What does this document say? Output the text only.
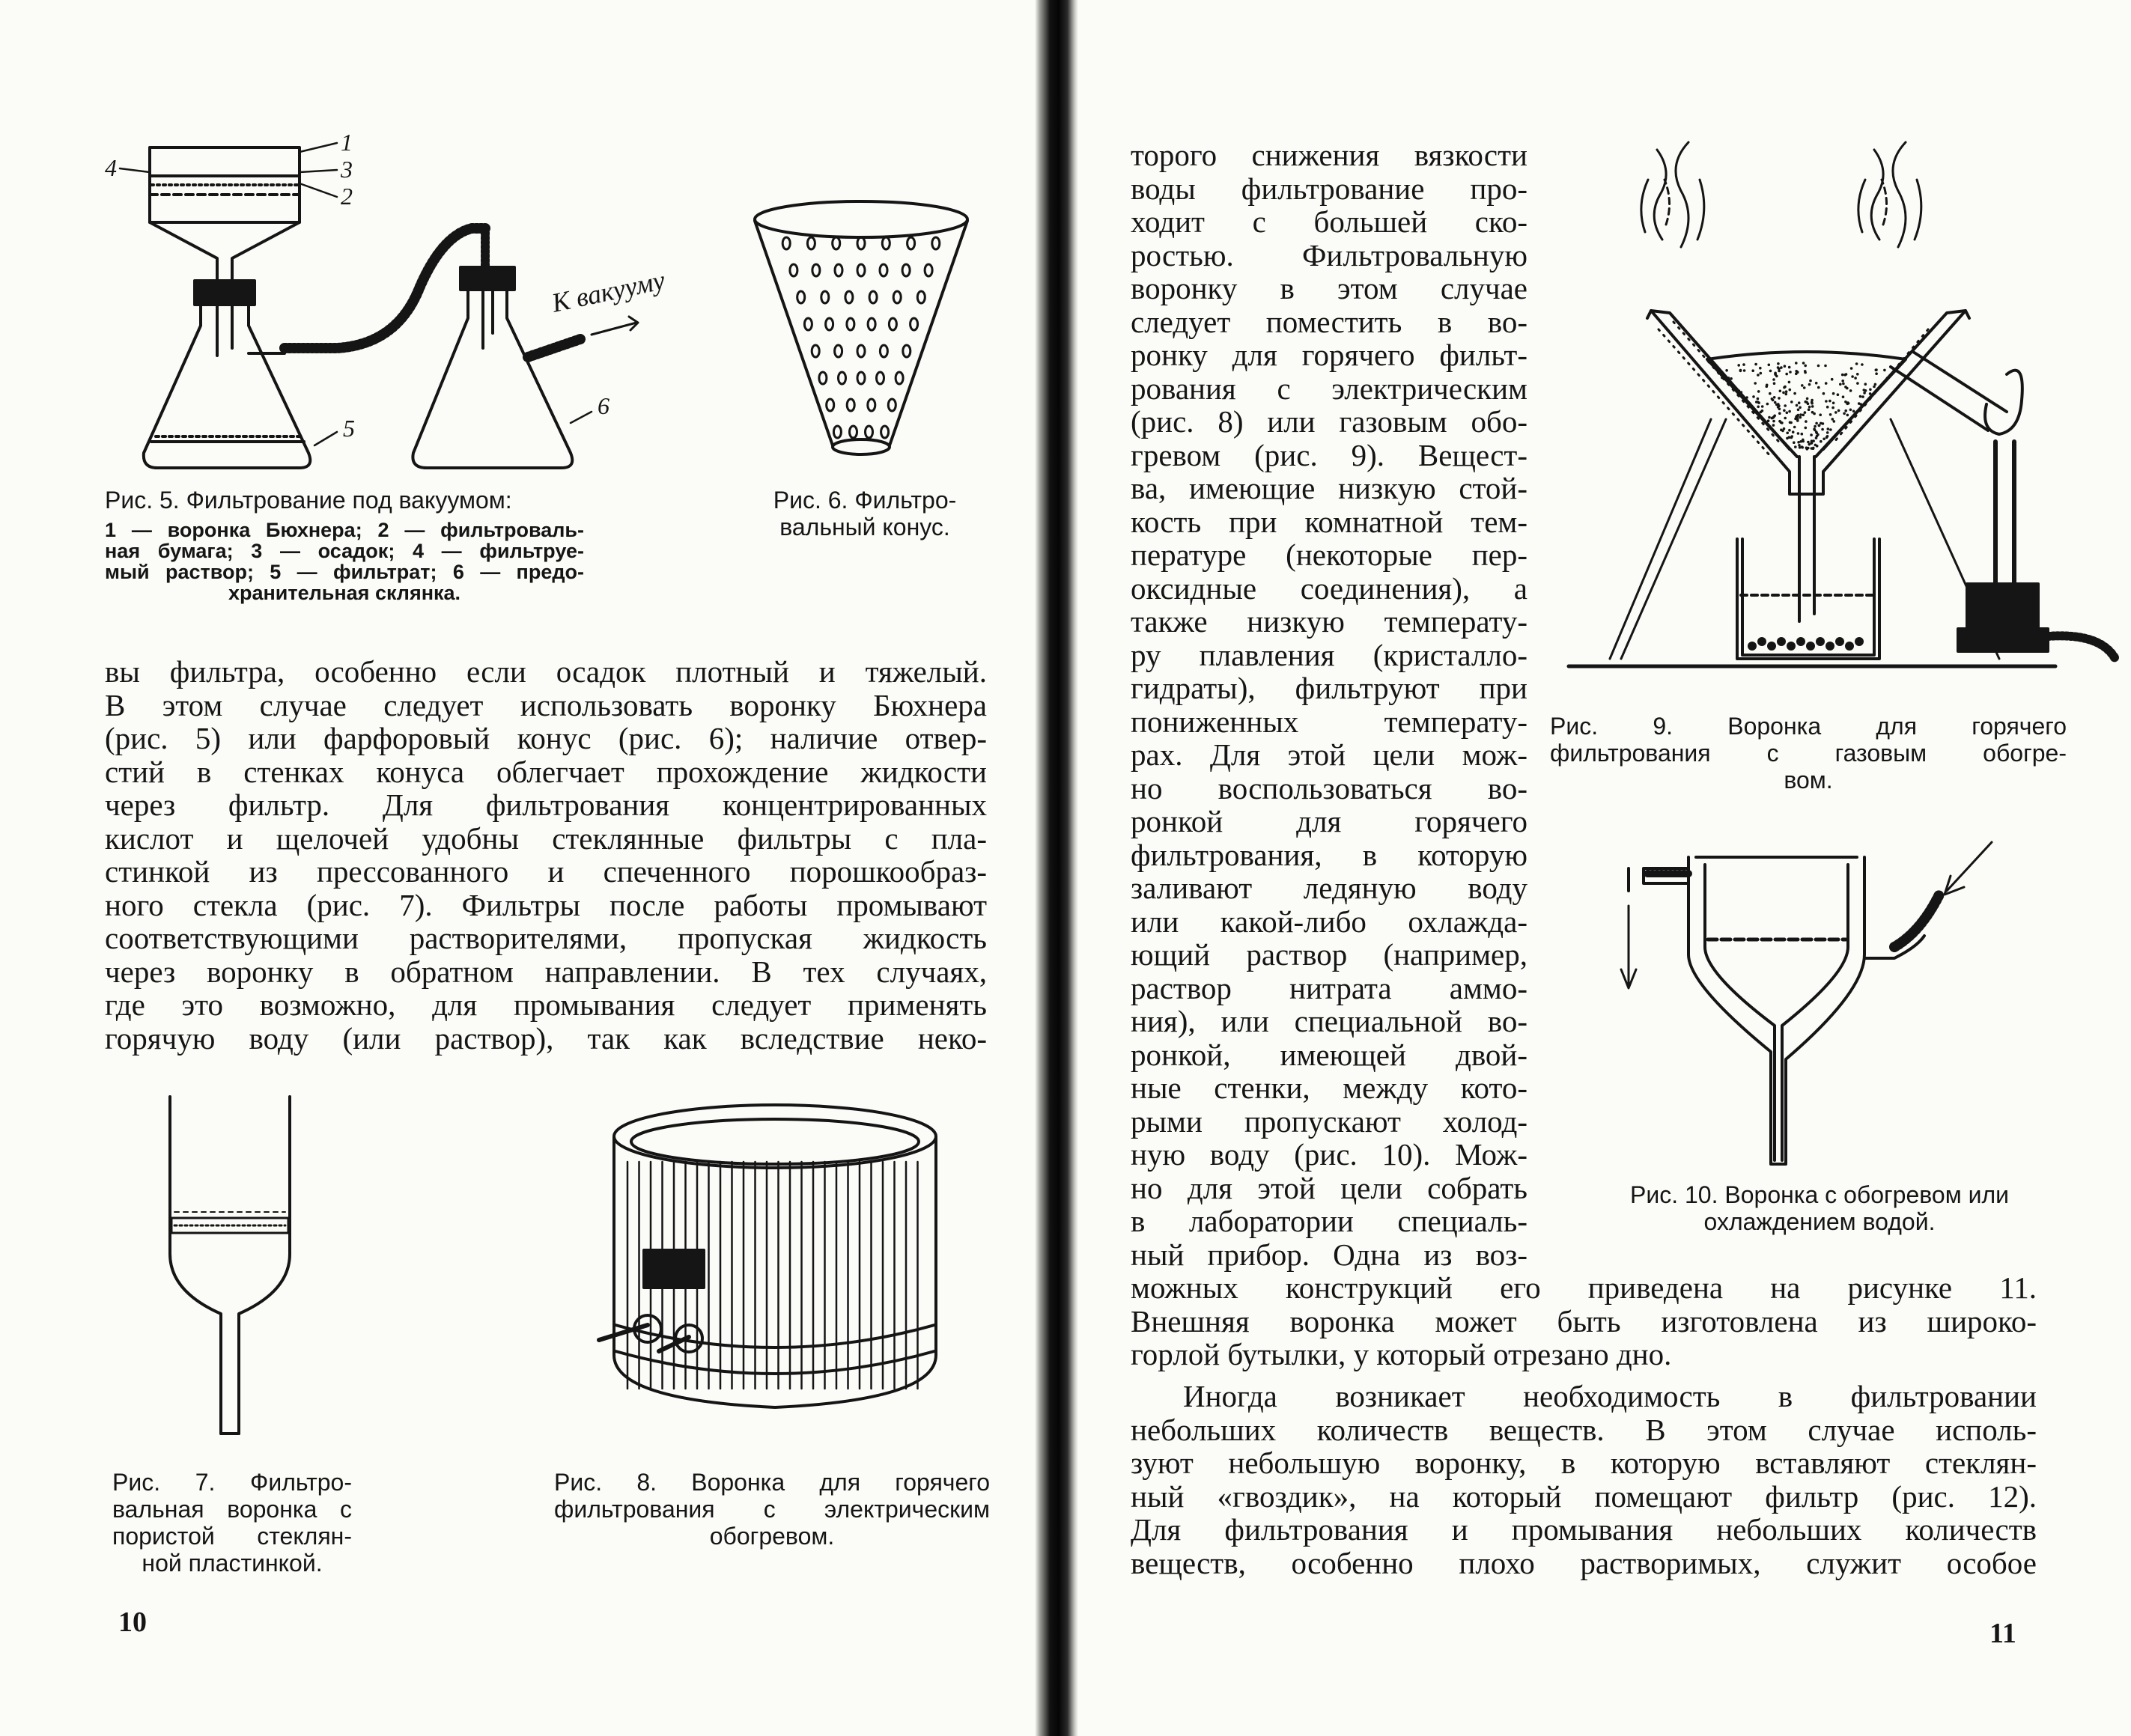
1
3
2
4
5
6
К вакууму
Рис. 5. Фильтрование под вакуумом:
1 — воронка Бюхнера; 2 — фильтроваль-
ная бумага; 3 — осадок; 4 — фильтруе-
мый раствор; 5 — фильтрат; 6 — предо-
хранительная склянка.
Рис. 6. Фильтро-
вальный конус.
вы фильтра, особенно если осадок плотный и тяжелый.
В этом случае следует использовать воронку Бюхнера
(рис. 5) или фарфоровый конус (рис. 6); наличие отвер-
стий в стенках конуса облегчает прохождение жидкости
через фильтр. Для фильтрования концентрированных
кислот и щелочей удобны стеклянные фильтры с пла-
стинкой из прессованного и спеченного порошкообраз-
ного стекла (рис. 7). Фильтры после работы промывают
соответствующими растворителями, пропуская жидкость
через воронку в обратном направлении. В тех случаях,
где это возможно, для промывания следует применять
горячую воду (или раствор), так как вследствие неко-
Рис. 7. Фильтро-
вальная воронка с
пористой стеклян-
ной пластинкой.
Рис. 8. Воронка для горячего
фильтрования с электрическим
обогревом.
10
торого снижения вязкости
воды фильтрование про-
ходит с большей ско-
ростью. Фильтровальную
воронку в этом случае
следует поместить в во-
ронку для горячего фильт-
рования с электрическим
(рис. 8) или газовым обо-
гревом (рис. 9). Вещест-
ва, имеющие низкую стой-
кость при комнатной тем-
пературе (некоторые пер-
оксидные соединения), а
также низкую температу-
ру плавления (кристалло-
гидраты), фильтруют при
пониженных температу-
рах. Для этой цели мож-
но воспользоваться во-
ронкой для горячего
фильтрования, в которую
заливают ледяную воду
или какой-либо охлажда-
ющий раствор (например,
раствор нитрата аммо-
ния), или специальной во-
ронкой, имеющей двой-
ные стенки, между кото-
рыми пропускают холод-
ную воду (рис. 10). Мож-
но для этой цели собрать
в лаборатории специаль-
ный прибор. Одна из воз-
можных конструкций его приведена на рисунке 11.
Внешняя воронка может быть изготовлена из широко-
горлой бутылки, у который отрезано дно.
Иногда возникает необходимость в фильтровании
небольших количеств веществ. В этом случае исполь-
зуют небольшую воронку, в которую вставляют стеклян-
ный «гвоздик», на который помещают фильтр (рис. 12).
Для фильтрования и промывания небольших количеств
веществ, особенно плохо растворимых, служит особое
Рис. 9. Воронка для горячего
фильтрования с газовым обогре-
вом.
Рис. 10. Воронка с обогревом или
охлаждением водой.
11
